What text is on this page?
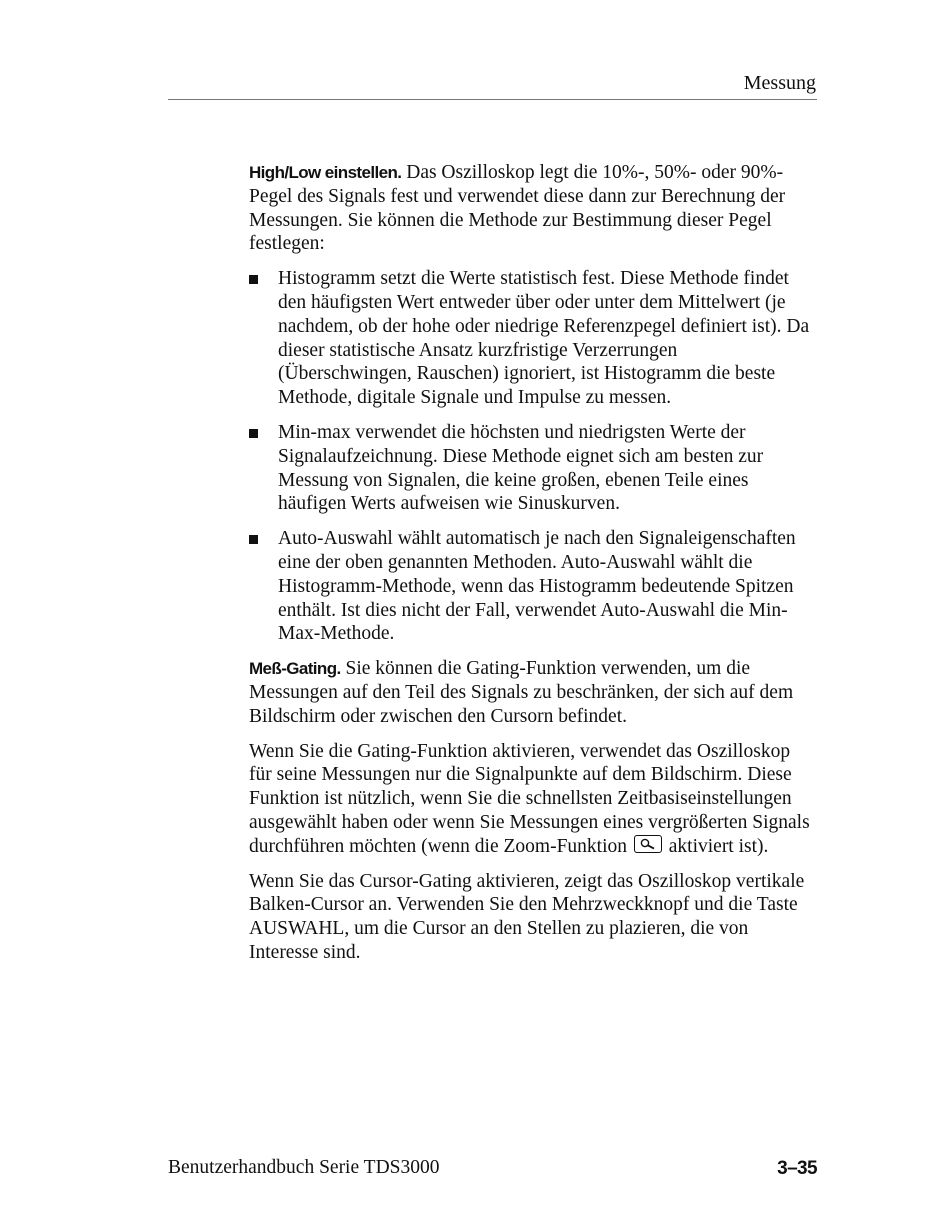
Messung

High/Low einstellen. Das Oszilloskop legt die 10%-, 50%- oder 90%-Pegel des Signals fest und verwendet diese dann zur Berechnung der Messungen. Sie können die Methode zur Bestimmung dieser Pegel festlegen:

Histogramm setzt die Werte statistisch fest. Diese Methode findet den häufigsten Wert entweder über oder unter dem Mittelwert (je nachdem, ob der hohe oder niedrige Referenzpegel definiert ist). Da dieser statistische Ansatz kurzfristige Verzerrungen (Überschwingen, Rauschen) ignoriert, ist Histogramm die beste Methode, digitale Signale und Impulse zu messen.
Min-max verwendet die höchsten und niedrigsten Werte der Signalaufzeichnung. Diese Methode eignet sich am besten zur Messung von Signalen, die keine großen, ebenen Teile eines häufigen Werts aufweisen wie Sinuskurven.
Auto-Auswahl wählt automatisch je nach den Signaleigenschaften eine der oben genannten Methoden. Auto-Auswahl wählt die Histogramm-Methode, wenn das Histogramm bedeutende Spitzen enthält. Ist dies nicht der Fall, verwendet Auto-Auswahl die Min-Max-Methode.

Meß-Gating. Sie können die Gating-Funktion verwenden, um die Messungen auf den Teil des Signals zu beschränken, der sich auf dem Bildschirm oder zwischen den Cursorn befindet.

Wenn Sie die Gating-Funktion aktivieren, verwendet das Oszilloskop für seine Messungen nur die Signalpunkte auf dem Bildschirm. Diese Funktion ist nützlich, wenn Sie die schnellsten Zeitbasiseinstellungen ausgewählt haben oder wenn Sie Messungen eines vergrößerten Signals durchführen möchten (wenn die Zoom-Funktion
aktiviert ist).

Wenn Sie das Cursor-Gating aktivieren, zeigt das Oszilloskop vertikale Balken-Cursor an. Verwenden Sie den Mehrzweckknopf und die Taste AUSWAHL, um die Cursor an den Stellen zu plazieren, die von Interesse sind.

Benutzerhandbuch Serie TDS3000	3–35
